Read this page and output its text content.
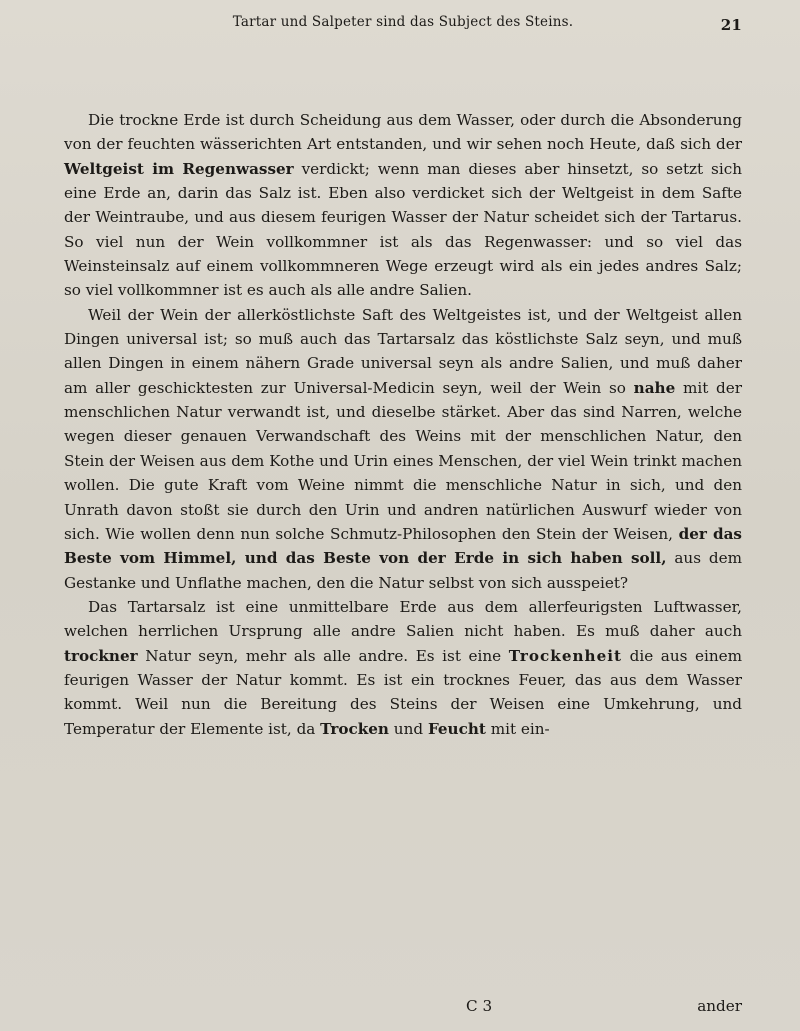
Tartar und Salpeter sind das Subject des Steins.	21

Die trockne Erde ist durch Scheidung aus dem Wasser, oder durch die Absonderung von der feuchten wässerichten Art entstanden, und wir sehen noch Heute, daß sich der Weltgeist im Regenwasser verdickt; wenn man dieses aber hinsetzt, so setzt sich eine Erde an, darin das Salz ist. Eben also verdicket sich der Weltgeist in dem Safte der Weintraube, und aus diesem feurigen Wasser der Natur scheidet sich der Tartarus. So viel nun der Wein vollkommner ist als das Regenwasser: und so viel das Weinsteinsalz auf einem vollkommneren Wege erzeugt wird als ein jedes andres Salz; so viel vollkommner ist es auch als alle andre Salien.

Weil der Wein der allerköstlichste Saft des Weltgeistes ist, und der Weltgeist allen Dingen universal ist; so muß auch das Tartarsalz das köstlichste Salz seyn, und muß allen Dingen in einem nähern Grade universal seyn als andre Salien, und muß daher am aller geschicktesten zur Universal-Medicin seyn, weil der Wein so nahe mit der menschlichen Natur verwandt ist, und dieselbe stärket. Aber das sind Narren, welche wegen dieser genauen Verwandschaft des Weins mit der menschlichen Natur, den Stein der Weisen aus dem Kothe und Urin eines Menschen, der viel Wein trinkt machen wollen. Die gute Kraft vom Weine nimmt die menschliche Natur in sich, und den Unrath davon stoßt sie durch den Urin und andren natürlichen Auswurf wieder von sich. Wie wollen denn nun solche Schmutz-Philosophen den Stein der Weisen, der das Beste vom Himmel, und das Beste von der Erde in sich haben soll, aus dem Gestanke und Unflathe machen, den die Natur selbst von sich ausspeiet?

Das Tartarsalz ist eine unmittelbare Erde aus dem allerfeurigsten Luftwasser, welchen herrlichen Ursprung alle andre Salien nicht haben. Es muß daher auch trockner Natur seyn, mehr als alle andre. Es ist eine Trockenheit die aus einem feurigen Wasser der Natur kommt. Es ist ein trocknes Feuer, das aus dem Wasser kommt. Weil nun die Bereitung des Steins der Weisen eine Umkehrung, und Temperatur der Elemente ist, da Trocken und Feucht mit ein-

C 3	ander
